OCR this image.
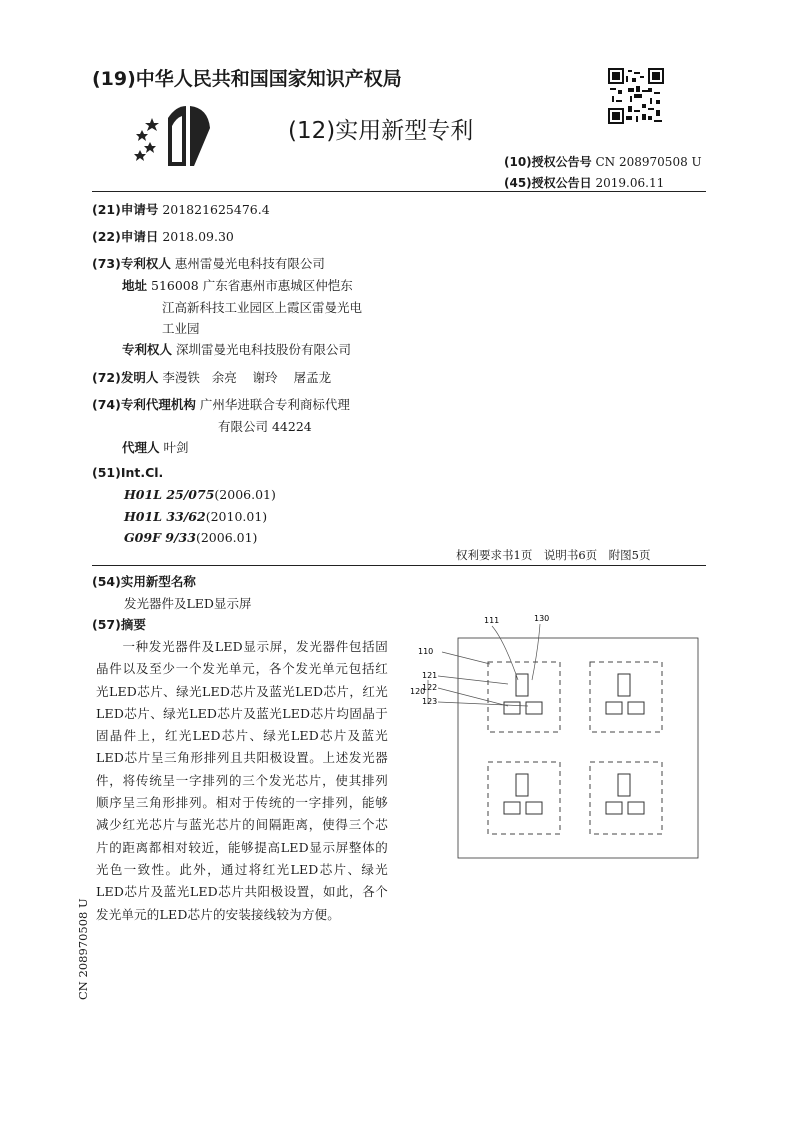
(19)中华人民共和国国家知识产权局
(12)实用新型专利
(10)授权公告号 CN 208970508 U
(45)授权公告日 2019.06.11
(21)申请号 201821625476.4
(22)申请日 2018.09.30
(73)专利权人 惠州雷曼光电科技有限公司
地址 516008 广东省惠州市惠城区仲恺东
江高新科技工业园区上霞区雷曼光电
工业园
专利权人 深圳雷曼光电科技股份有限公司
(72)发明人 李漫铁 余亮 谢玲 屠孟龙
(74)专利代理机构 广州华进联合专利商标代理
有限公司 44224
代理人 叶剑
(51)Int.Cl.
H01L 25/075(2006.01)
H01L 33/62(2010.01)
G09F 9/33(2006.01)
权利要求书1页　说明书6页　附图5页
(54)实用新型名称
发光器件及LED显示屏
(57)摘要
一种发光器件及LED显示屏，发光器件包括固晶件以及至少一个发光单元，各个发光单元包括红光LED芯片、绿光LED芯片及蓝光LED芯片，红光LED芯片、绿光LED芯片及蓝光LED芯片均固晶于固晶件上，红光LED芯片、绿光LED芯片及蓝光LED芯片呈三角形排列且共阳极设置。上述发光器件，将传统呈一字排列的三个发光芯片，使其排列顺序呈三角形排列。相对于传统的一字排列，能够减少红光芯片与蓝光芯片的间隔距离，使得三个芯片的距离都相对较近，能够提高LED显示屏整体的光色一致性。此外，通过将红光LED芯片、绿光LED芯片及蓝光LED芯片共阳极设置，如此，各个发光单元的LED芯片的安装接线较为方便。
111	130
110
121
122
120
123
CN 208970508 U
